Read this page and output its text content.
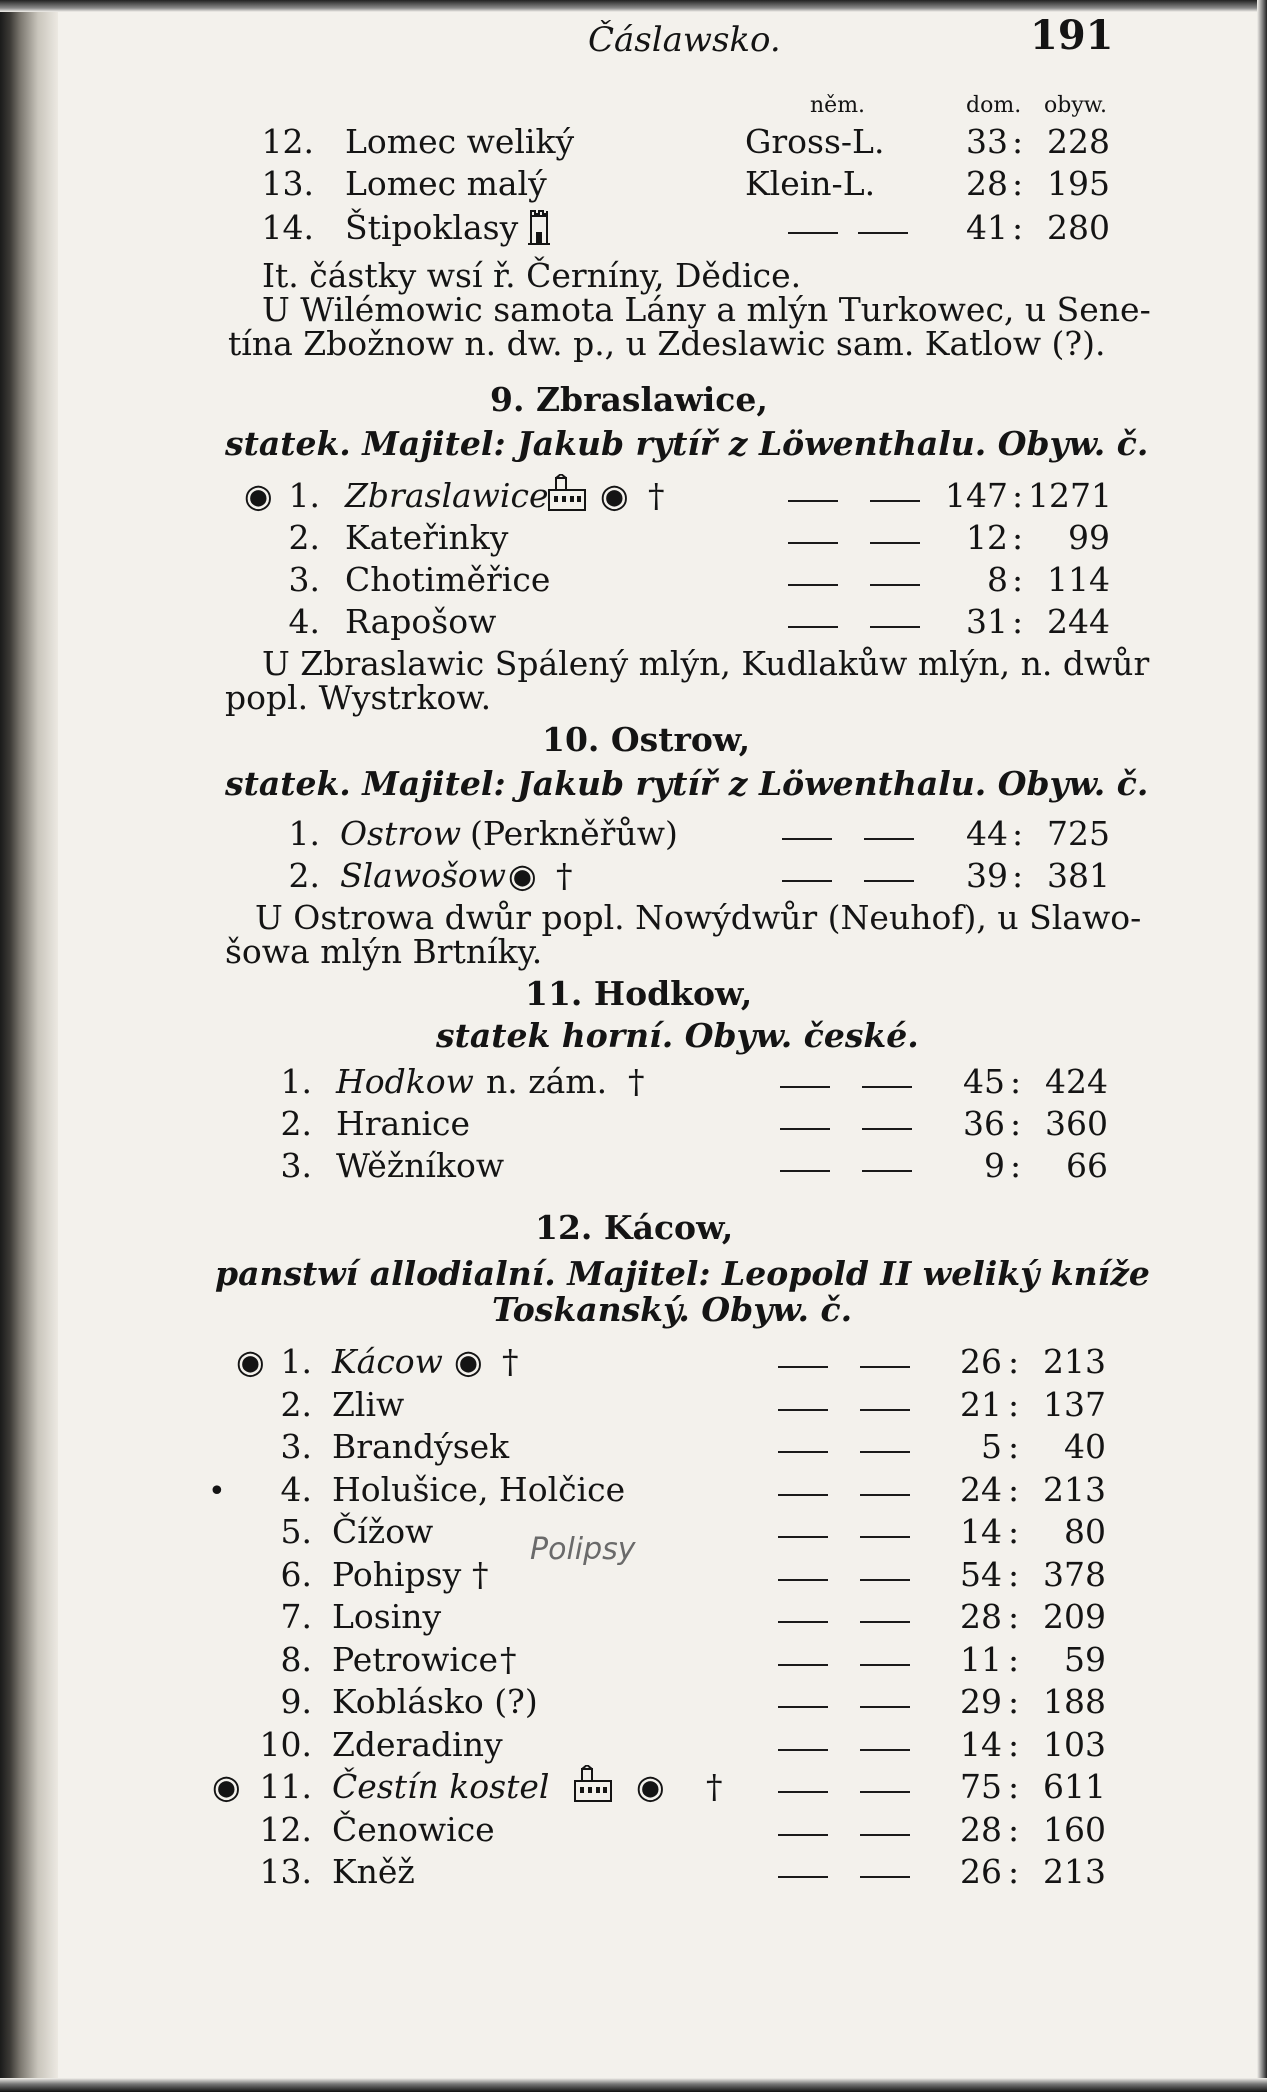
Čáslawsko.	191
něm.	dom. obyw.
12. Lomec weliký	Gross-L.	33 : 228
13. Lomec malý	Klein-L.	28 : 195
14. Štipoklasy	41 : 280
It. částky wsí ř. Černíny, Dědice.
U Wilémowic samota Lány a mlýn Turkowec, u Sene-
tína Zbožnow n. dw. p., u Zdeslawic sam. Katlow (?).
9. Zbraslawice,
statek. Majitel: Jakub rytíř z Löwenthalu. Obyw. č.
◉ 1. Zbraslawice ◉ †	147 : 1271
2. Kateřinky	12 :	99
3. Chotiměřice	8 : 114
4. Rapošow	31 : 244
U Zbraslawic Spálený mlýn, Kudlakůw mlýn, n. dwůr
popl. Wystrkow.
10. Ostrow,
statek. Majitel: Jakub rytíř z Löwenthalu. Obyw. č.
1. Ostrow (Perkněřůw)	44 : 725
2. Slawošow ◉ †	39 : 381
U Ostrowa dwůr popl. Nowýdwůr (Neuhof), u Slawo-
šowa mlýn Brtníky.
11. Hodkow,
statek horní. Obyw. české.
1. Hodkow n. zám. †	45 : 424
2. Hranice	36 : 360
3. Wěžníkow	9 :	66
12. Kácow,
panstwí allodialní. Majitel: Leopold II weliký kníže
Toskanský. Obyw. č.
1. Kácow	26 : 213
2. Zliw	21 : 137
3. Brandýsek	5 :	40
4. Holušice, Holčice	24 : 213
5. Čížow	14 :	80
6. Pohipsy	54 : 378
7. Losiny	28 : 209
8. Petrowice	11 :	59
9. Koblásko (?)	29 : 188
10. Zderadiny	14 : 103
11. Čestín kostel	75 : 611
12. Čenowice	28 : 160
13. Kněž	26 : 213
◉	◉ †
†
†
◉	◉ †
Polipsy
•
